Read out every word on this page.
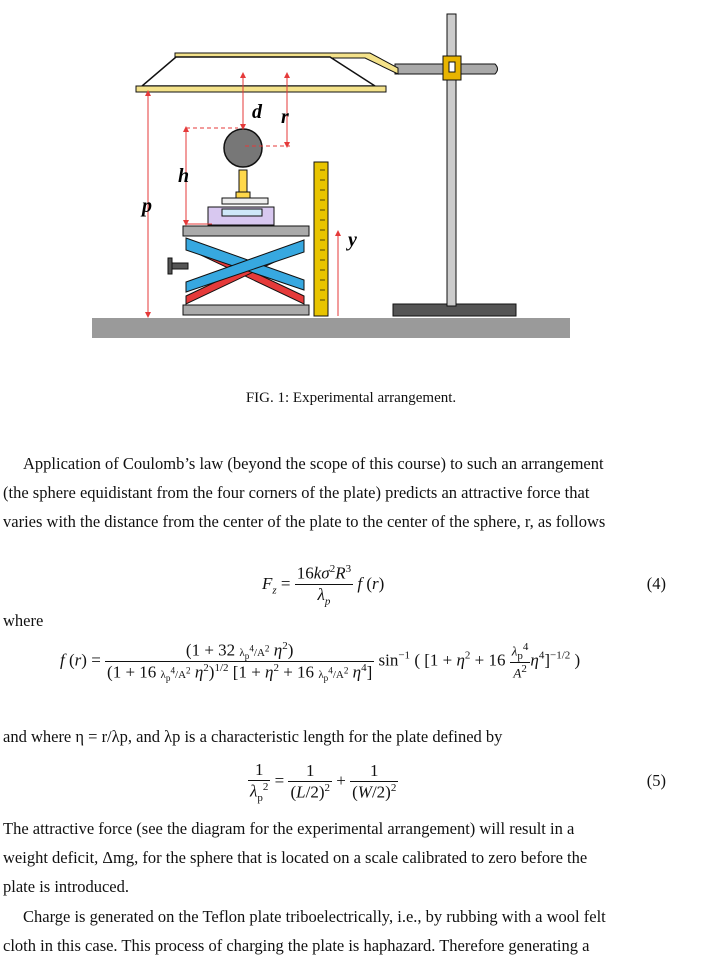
d r
h
p
y
FIG. 1: Experimental arrangement.
Application of Coulomb’s law (beyond the scope of this course) to such an arrangement
(the sphere equidistant from the four corners of the plate) predicts an attractive force that
varies with the distance from the center of the plate to the center of the sphere, r, as follows
$F_z = \frac{16k\sigma^2R^3}{\lambda_p}$ f (r)	(4)
where
f $(r) = \frac{(1 + 32 \lambda_p^4/A^2 \eta^2)}{(1 + 16 \lambda_p^4/A^2 \eta^2)^{1/2} [1 + \eta^2 + 16 \lambda_p^4/A^2 \eta^4]} \sin^{-1}$ ( $[1 + \eta^2 + 16 \frac{\lambda_p^4}{A^2} \eta^4]^{-1/2}$ )
and where η = r/λp, and λp is a characteristic length for the plate defined by
$\frac{1}{\lambda_p^2} = \frac{1}{(L/2)^2} + \frac{1}{(W/2)^2}$	(5)
The attractive force (see the diagram for the experimental arrangement) will result in a
weight deficit, Δmg, for the sphere that is located on a scale calibrated to zero before the
plate is introduced.
Charge is generated on the Teflon plate triboelectrically, i.e., by rubbing with a wool felt
cloth in this case. This process of charging the plate is haphazard. Therefore generating a
